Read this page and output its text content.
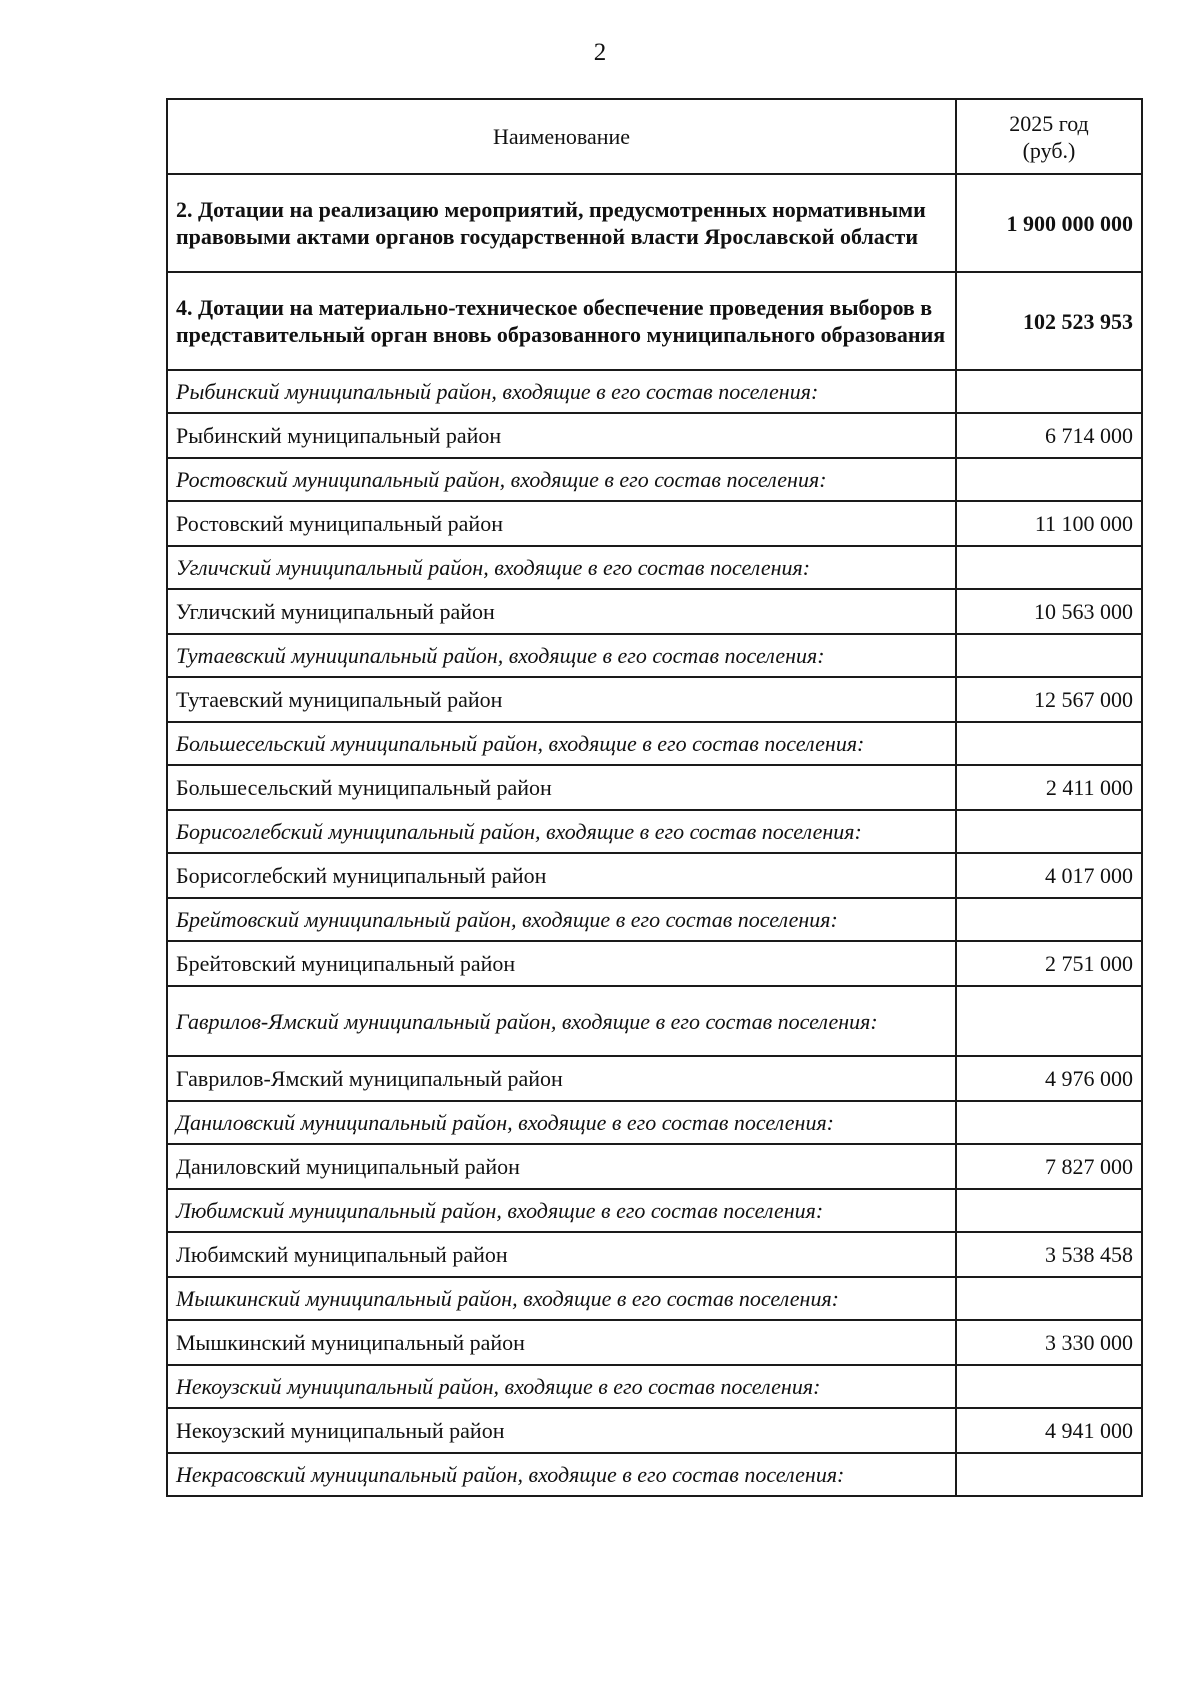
2
Наименование	2025 год
(руб.)
2. Дотации на реализацию мероприятий, предусмотренных нормативными правовыми актами органов государственной власти Ярославской области	1 900 000 000
4. Дотации на материально-техническое обеспечение проведения выборов в представительный орган вновь образованного муниципального образования	102 523 953
Рыбинский муниципальный район, входящие в его состав поселения:	
Рыбинский муниципальный район	6 714 000
Ростовский муниципальный район, входящие в его состав поселения:	
Ростовский муниципальный район	11 100 000
Угличский муниципальный район, входящие в его состав поселения:	
Угличский муниципальный район	10 563 000
Тутаевский муниципальный район, входящие в его состав поселения:	
Тутаевский муниципальный район	12 567 000
Большесельский муниципальный район, входящие в его состав поселения:	
Большесельский муниципальный район	2 411 000
Борисоглебский муниципальный район, входящие в его состав поселения:	
Борисоглебский муниципальный район	4 017 000
Брейтовский муниципальный район, входящие в его состав поселения:	
Брейтовский муниципальный район	2 751 000
Гаврилов-Ямский муниципальный район, входящие в его состав поселения:	
Гаврилов-Ямский муниципальный район	4 976 000
Даниловский муниципальный район, входящие в его состав поселения:	
Даниловский муниципальный район	7 827 000
Любимский муниципальный район, входящие в его состав поселения:	
Любимский муниципальный район	3 538 458
Мышкинский муниципальный район, входящие в его состав поселения:	
Мышкинский муниципальный район	3 330 000
Некоузский муниципальный район, входящие в его состав поселения:	
Некоузский муниципальный район	4 941 000
Некрасовский муниципальный район, входящие в его состав поселения:	
